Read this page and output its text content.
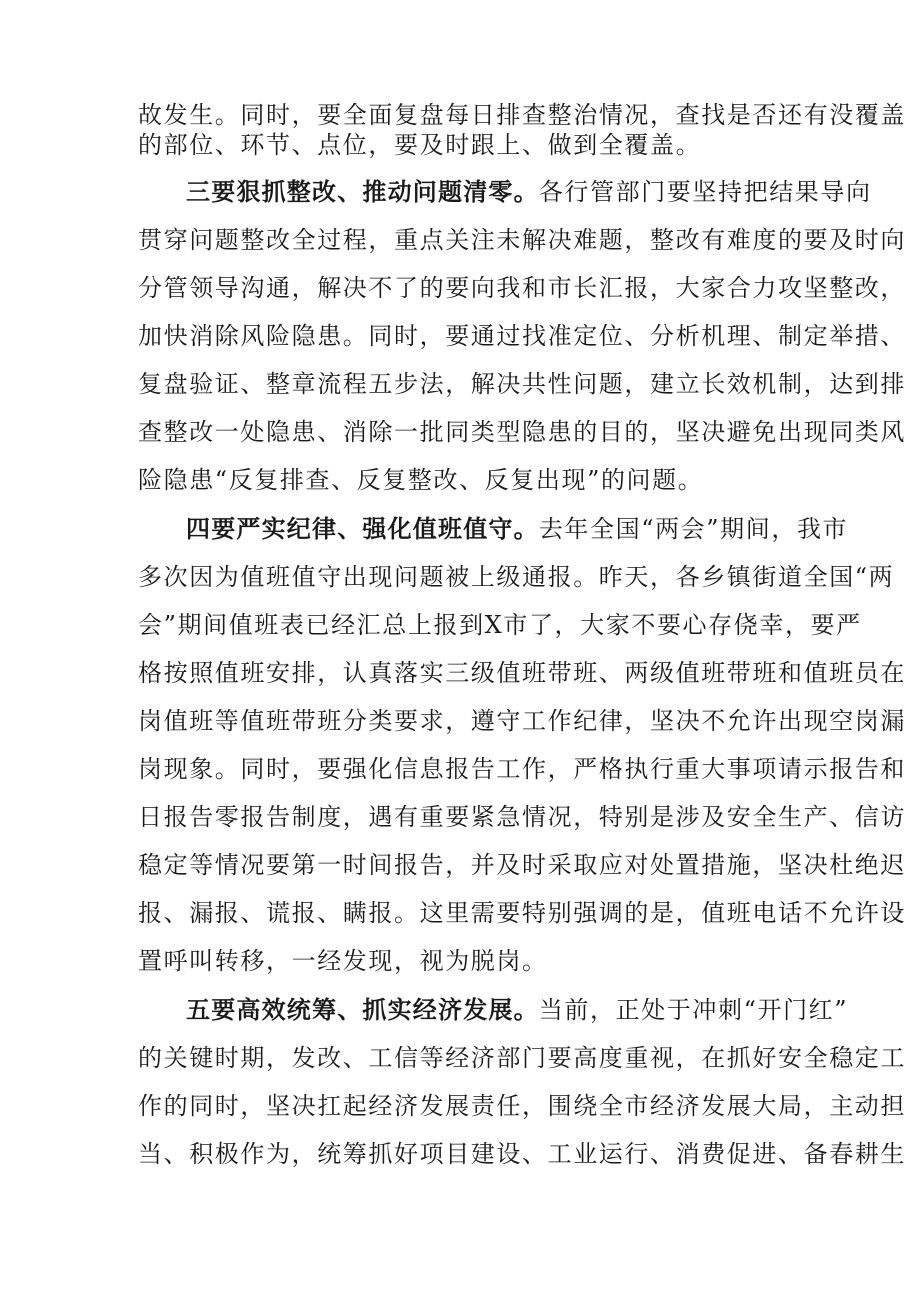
故发生。同时，要全面复盘每日排查整治情况，查找是否还有没覆盖
的部位、环节、点位，要及时跟上、做到全覆盖。
三要狠抓整改、推动问题清零。各行管部门要坚持把结果导向
贯穿问题整改全过程，重点关注未解决难题，整改有难度的要及时向
分管领导沟通，解决不了的要向我和市长汇报，大家合力攻坚整改，
加快消除风险隐患。同时，要通过找准定位、分析机理、制定举措、
复盘验证、整章流程五步法，解决共性问题，建立长效机制，达到排
查整改一处隐患、消除一批同类型隐患的目的，坚决避免出现同类风
险隐患“反复排查、反复整改、反复出现”的问题。
四要严实纪律、强化值班值守。去年全国“两会”期间，我市
多次因为值班值守出现问题被上级通报。昨天，各乡镇街道全国“两
会”期间值班表已经汇总上报到X市了，大家不要心存侥幸，要严
格按照值班安排，认真落实三级值班带班、两级值班带班和值班员在
岗值班等值班带班分类要求，遵守工作纪律，坚决不允许出现空岗漏
岗现象。同时，要强化信息报告工作，严格执行重大事项请示报告和
日报告零报告制度，遇有重要紧急情况，特别是涉及安全生产、信访
稳定等情况要第一时间报告，并及时采取应对处置措施，坚决杜绝迟
报、漏报、谎报、瞒报。这里需要特别强调的是，值班电话不允许设
置呼叫转移，一经发现，视为脱岗。
五要高效统筹、抓实经济发展。当前，正处于冲刺“开门红”
的关键时期，发改、工信等经济部门要高度重视，在抓好安全稳定工
作的同时，坚决扛起经济发展责任，围绕全市经济发展大局，主动担
当、积极作为，统筹抓好项目建设、工业运行、消费促进、备春耕生
